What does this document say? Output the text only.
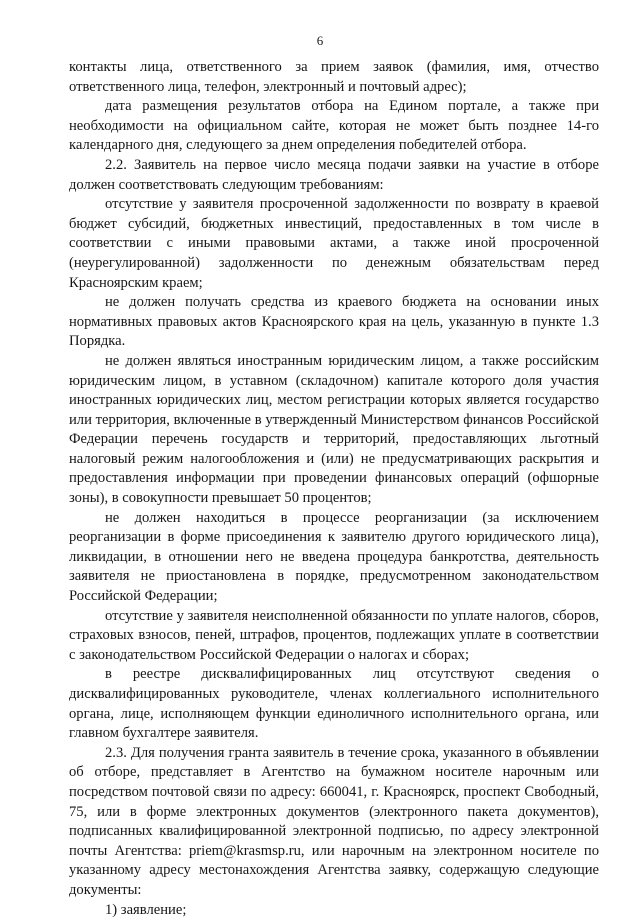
6

контакты лица, ответственного за прием заявок (фамилия, имя, отчество ответственного лица, телефон, электронный и почтовый адрес);

дата размещения результатов отбора на Едином портале, а также при необходимости на официальном сайте, которая не может быть позднее 14-го календарного дня, следующего за днем определения победителей отбора.

2.2. Заявитель на первое число месяца подачи заявки на участие в отборе должен соответствовать следующим требованиям:

отсутствие у заявителя просроченной задолженности по возврату в краевой бюджет субсидий, бюджетных инвестиций, предоставленных в том числе в соответствии с иными правовыми актами, а также иной просроченной (неурегулированной) задолженности по денежным обязательствам перед Красноярским краем;

не должен получать средства из краевого бюджета на основании иных нормативных правовых актов Красноярского края на цель, указанную в пункте 1.3 Порядка.

не должен являться иностранным юридическим лицом, а также российским юридическим лицом, в уставном (складочном) капитале которого доля участия иностранных юридических лиц, местом регистрации которых является государство или территория, включенные в утвержденный Министерством финансов Российской Федерации перечень государств и территорий, предоставляющих льготный налоговый режим налогообложения и (или) не предусматривающих раскрытия и предоставления информации при проведении финансовых операций (офшорные зоны), в совокупности превышает 50 процентов;

не должен находиться в процессе реорганизации (за исключением реорганизации в форме присоединения к заявителю другого юридического лица), ликвидации, в отношении него не введена процедура банкротства, деятельность заявителя не приостановлена в порядке, предусмотренном законодательством Российской Федерации;

отсутствие у заявителя неисполненной обязанности по уплате налогов, сборов, страховых взносов, пеней, штрафов, процентов, подлежащих уплате в соответствии с законодательством Российской Федерации о налогах и сборах;

в реестре дисквалифицированных лиц отсутствуют сведения о дисквалифицированных руководителе, членах коллегиального исполнительного органа, лице, исполняющем функции единоличного исполнительного органа, или главном бухгалтере заявителя.

2.3. Для получения гранта заявитель в течение срока, указанного в объявлении об отборе, представляет в Агентство на бумажном носителе нарочным или посредством почтовой связи по адресу: 660041, г. Красноярск, проспект Свободный, 75, или в форме электронных документов (электронного пакета документов), подписанных квалифицированной электронной подписью, по адресу электронной почты Агентства: priem@krasmsp.ru, или нарочным на электронном носителе по указанному адресу местонахождения Агентства заявку, содержащую следующие документы:

1) заявление;
